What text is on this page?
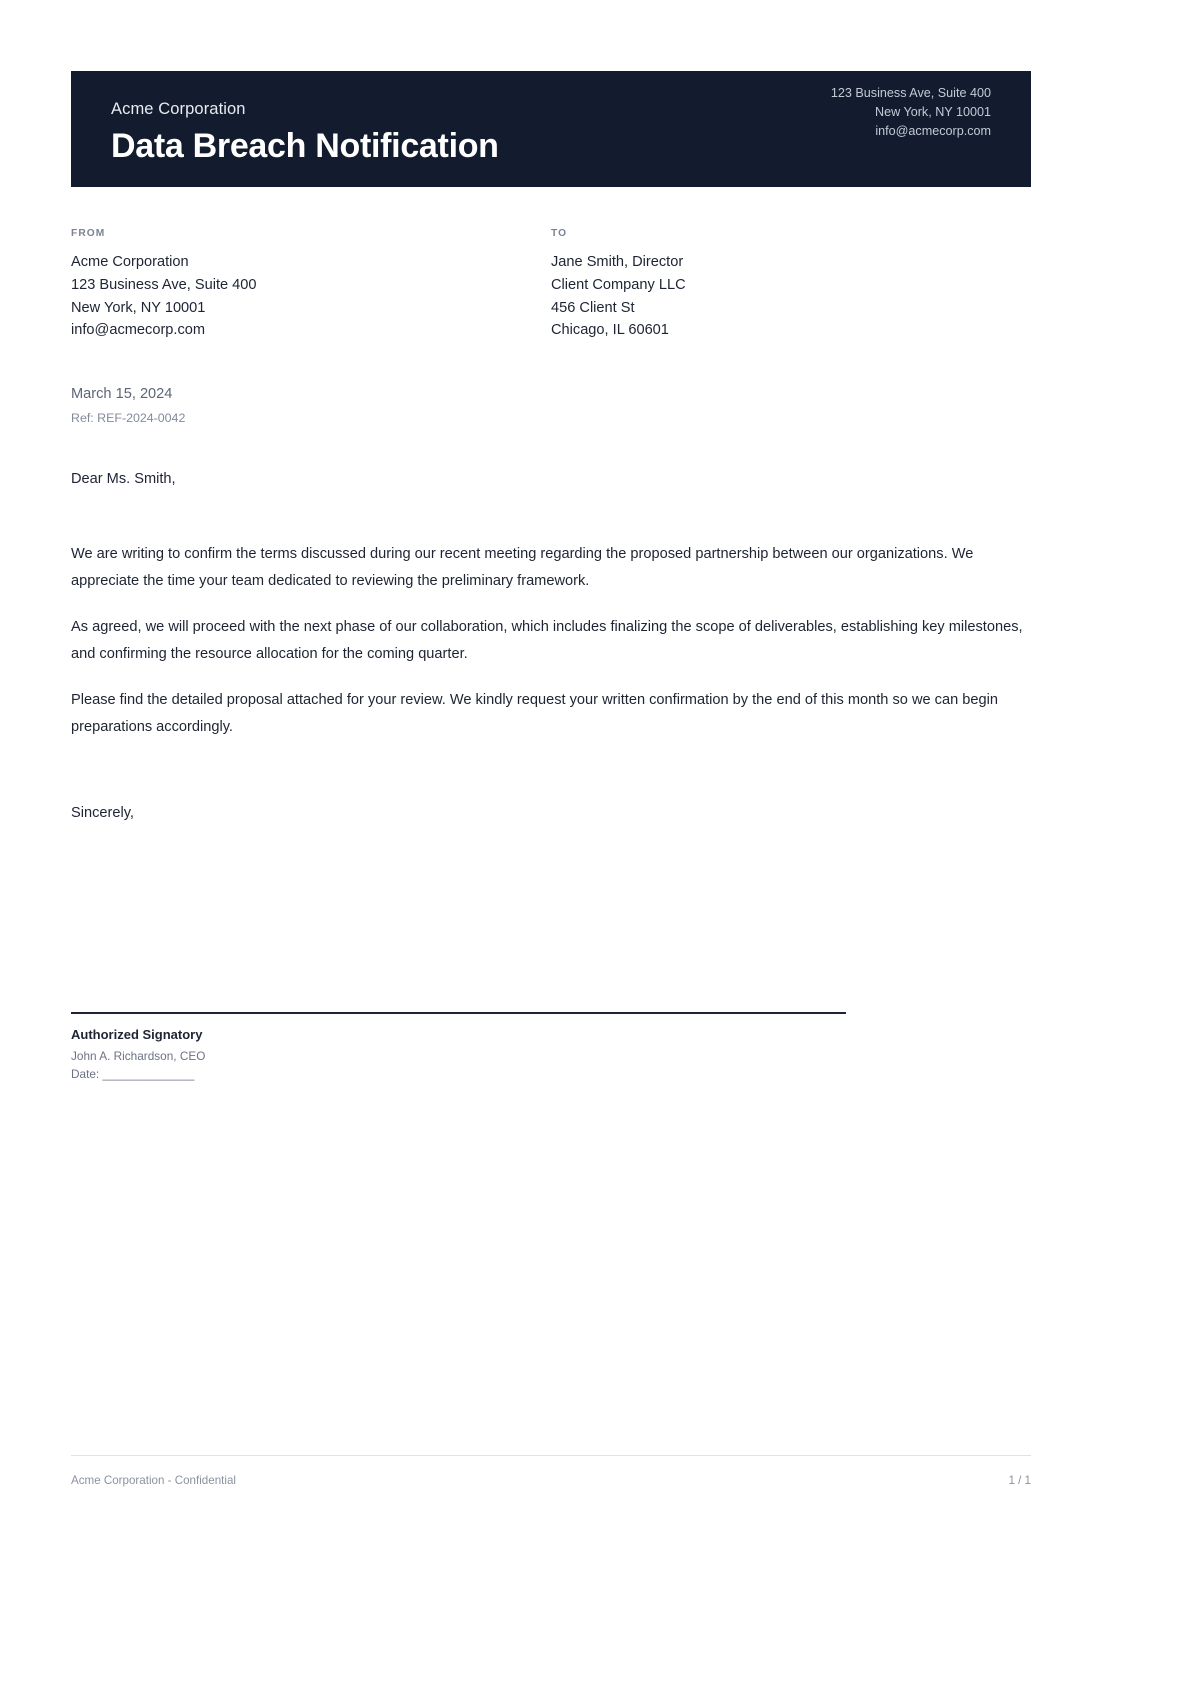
Acme Corporation
Data Breach Notification
123 Business Ave, Suite 400
New York, NY 10001
info@acmecorp.com
FROM
Acme Corporation
123 Business Ave, Suite 400
New York, NY 10001
info@acmecorp.com
TO
Jane Smith, Director
Client Company LLC
456 Client St
Chicago, IL 60601
March 15, 2024
Ref: REF-2024-0042
Dear Ms. Smith,

We are writing to confirm the terms discussed during our recent meeting regarding the proposed partnership between our organizations. We appreciate the time your team dedicated to reviewing the preliminary framework.

As agreed, we will proceed with the next phase of our collaboration, which includes finalizing the scope of deliverables, establishing key milestones, and confirming the resource allocation for the coming quarter.

Please find the detailed proposal attached for your review. We kindly request your written confirmation by the end of this month so we can begin preparations accordingly.

Sincerely,
Authorized Signatory
John A. Richardson, CEO
Date: ______________
Acme Corporation - Confidential	1 / 1
